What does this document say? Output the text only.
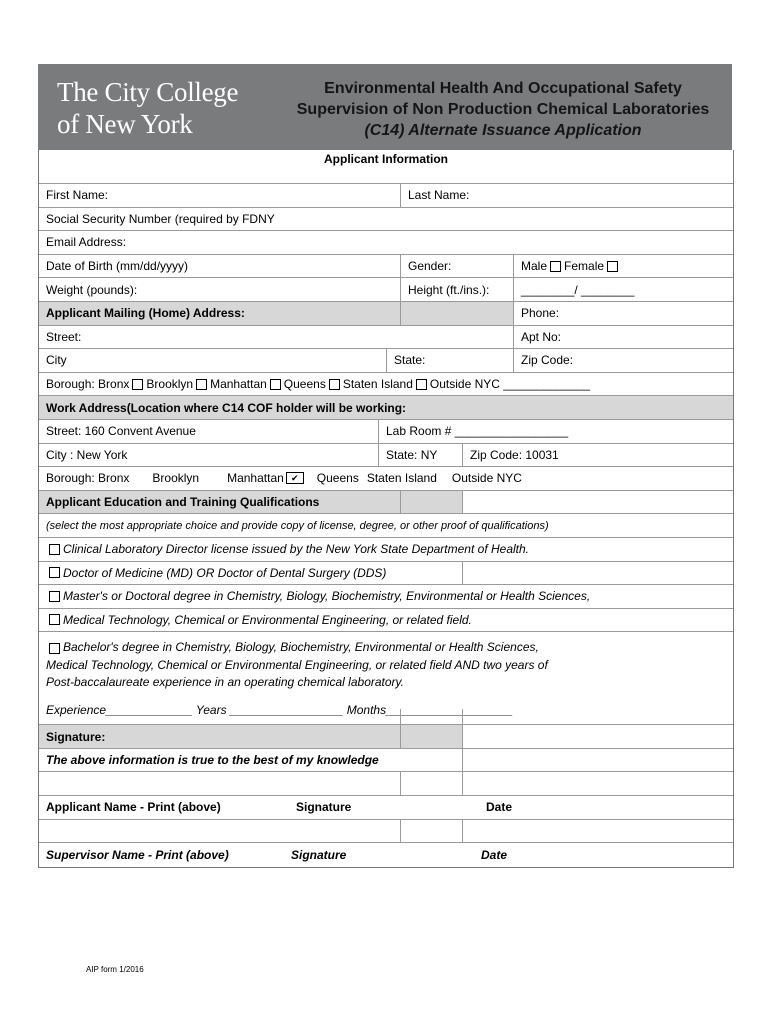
The City College
of New York
Environmental Health And Occupational Safety
Supervision of Non Production Chemical Laboratories
(C14) Alternate Issuance Application
Applicant Information
First Name:	Last Name:
Social Security Number (required by FDNY
Email Address:
Date of Birth (mm/dd/yyyy)	Gender:	Male Female
Weight (pounds):	Height (ft./ins.):	________/ ________
Applicant Mailing (Home) Address:	Phone:
Street:	Apt No:
City	State:	Zip Code:
Borough: Bronx Brooklyn Manhattan Queens Staten Island Outside NYC _____________
Work Address(Location where C14 COF holder will be working:
Street: 160 Convent Avenue	Lab Room # _________________
City : New York	State: NY	Zip Code: 10031
Borough: Bronx Brooklyn Manhattan ✔	Queens Staten Island Outside NYC
Applicant Education and Training Qualifications
(select the most appropriate choice and provide copy of license, degree, or other proof of qualifications)
Clinical Laboratory Director license issued by the New York State Department of Health.
Doctor of Medicine (MD) OR Doctor of Dental Surgery (DDS)
Master's or Doctoral degree in Chemistry, Biology, Biochemistry, Environmental or Health Sciences,
Medical Technology, Chemical or Environmental Engineering, or related field.
Bachelor's degree in Chemistry, Biology, Biochemistry, Environmental or Health Sciences,
Medical Technology, Chemical or Environmental Engineering, or related field AND two years of
Post-baccalaureate experience in an operating chemical laboratory.
Experience_____________ Years _________________ Months___________________
Signature:
The above information is true to the best of my knowledge
Applicant Name - Print (above)	Signature	Date
Supervisor Name - Print (above)	Signature	Date
AIP form 1/2016
